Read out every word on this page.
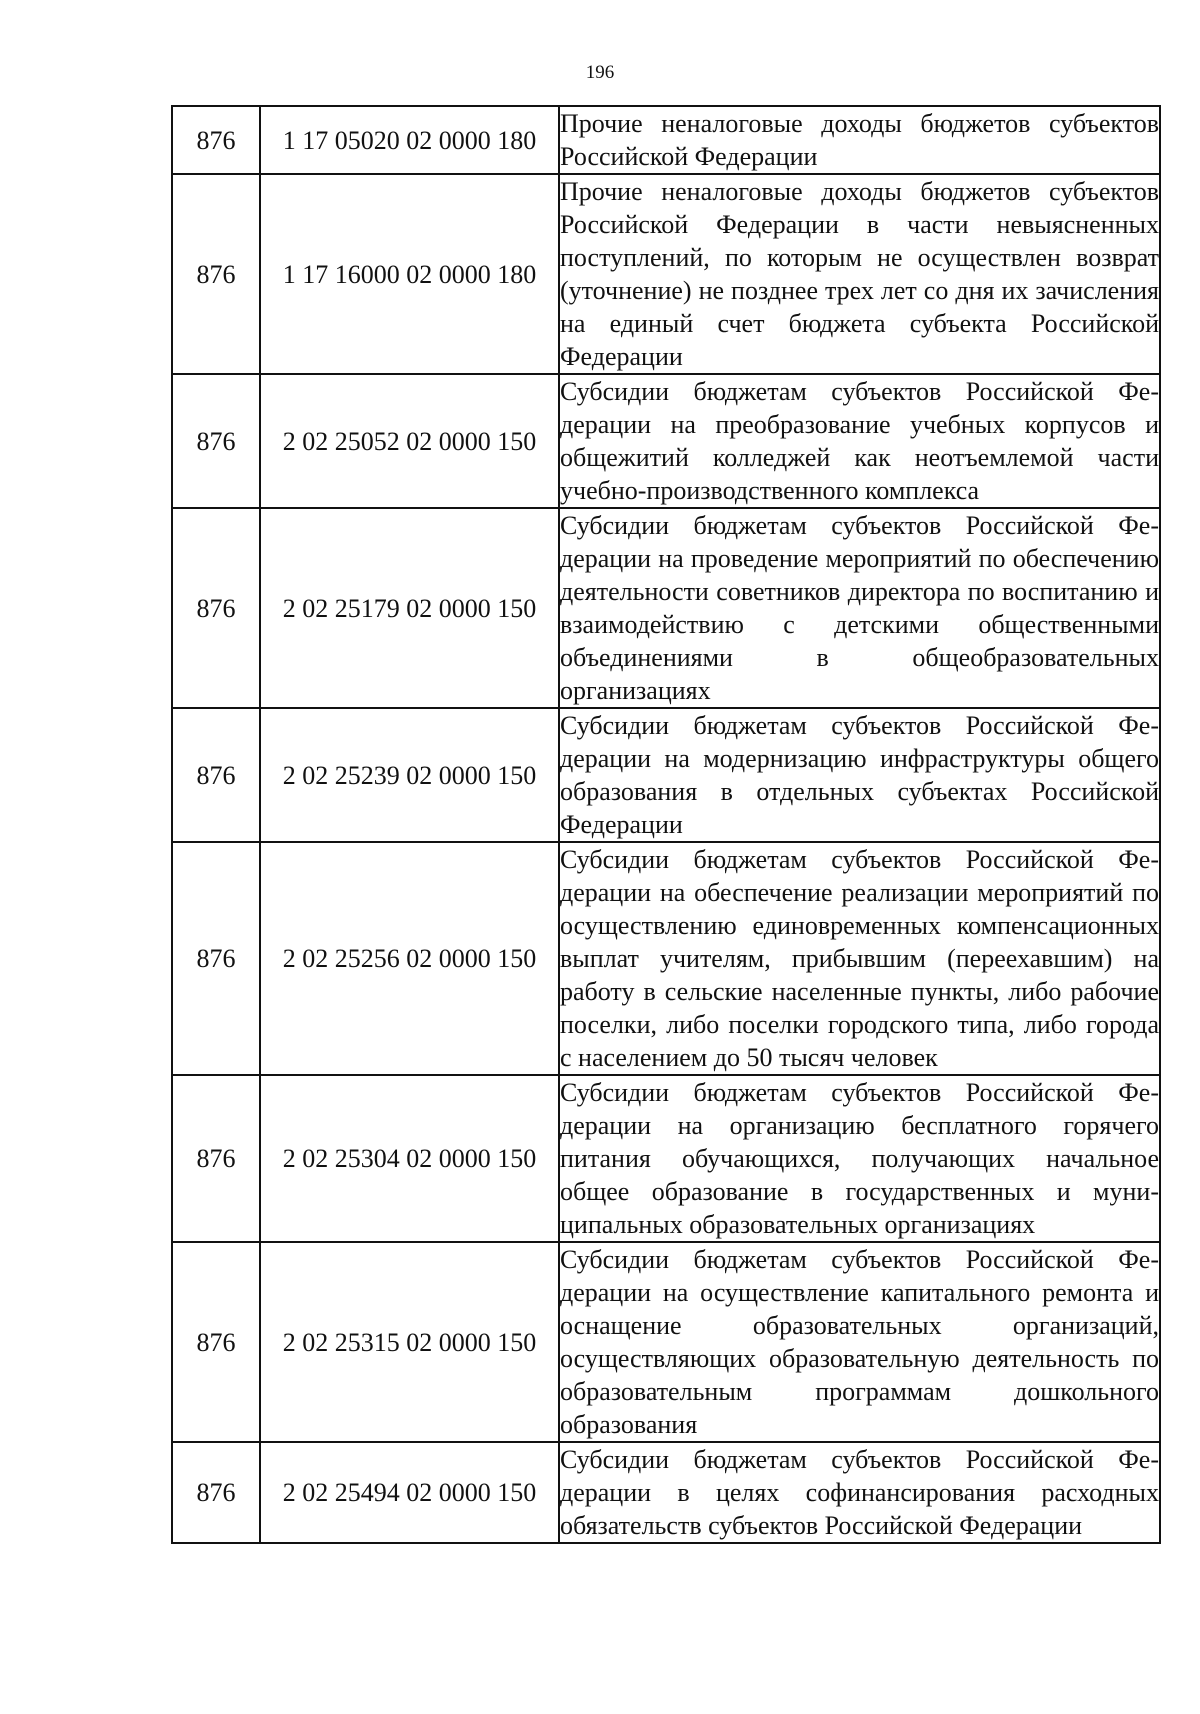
196
876	1 17 05020 02 0000 180	Прочие неналоговые доходы бюджетов субъектов Российской Федерации
876	1 17 16000 02 0000 180	Прочие неналоговые доходы бюджетов субъектов Российской Федерации в части невыясненных поступлений, по которым не осуществлен возврат (уточнение) не позднее трех лет со дня их зачисления на единый счет бюджета субъекта Российской Федерации
876	2 02 25052 02 0000 150	Субсидии бюджетам субъектов Российской Федерации на преобразование учебных корпусов и общежитий колледжей как неотъемлемой части учебно-производственного комплекса
876	2 02 25179 02 0000 150	Субсидии бюджетам субъектов Российской Федерации на проведение мероприятий по обеспечению деятельности советников директора по воспитанию и взаимодействию с детскими общественными объединениями в общеобразовательных организациях
876	2 02 25239 02 0000 150	Субсидии бюджетам субъектов Российской Федерации на модернизацию инфраструктуры общего образования в отдельных субъектах Российской Федерации
876	2 02 25256 02 0000 150	Субсидии бюджетам субъектов Российской Федерации на обеспечение реализации мероприятий по осуществлению единовременных компенсационных выплат учителям, прибывшим (переехавшим) на работу в сельские населенные пункты, либо рабочие поселки, либо поселки городского типа, либо города с населением до 50 тысяч человек
876	2 02 25304 02 0000 150	Субсидии бюджетам субъектов Российской Федерации на организацию бесплатного горячего питания обучающихся, получающих начальное общее образование в государственных и муниципальных образовательных организациях
876	2 02 25315 02 0000 150	Субсидии бюджетам субъектов Российской Федерации на осуществление капитального ремонта и оснащение образовательных организаций, осуществляющих образовательную деятельность по образовательным программам дошкольного образования
876	2 02 25494 02 0000 150	Субсидии бюджетам субъектов Российской Федерации в целях софинансирования расходных обязательств субъектов Российской Федерации
